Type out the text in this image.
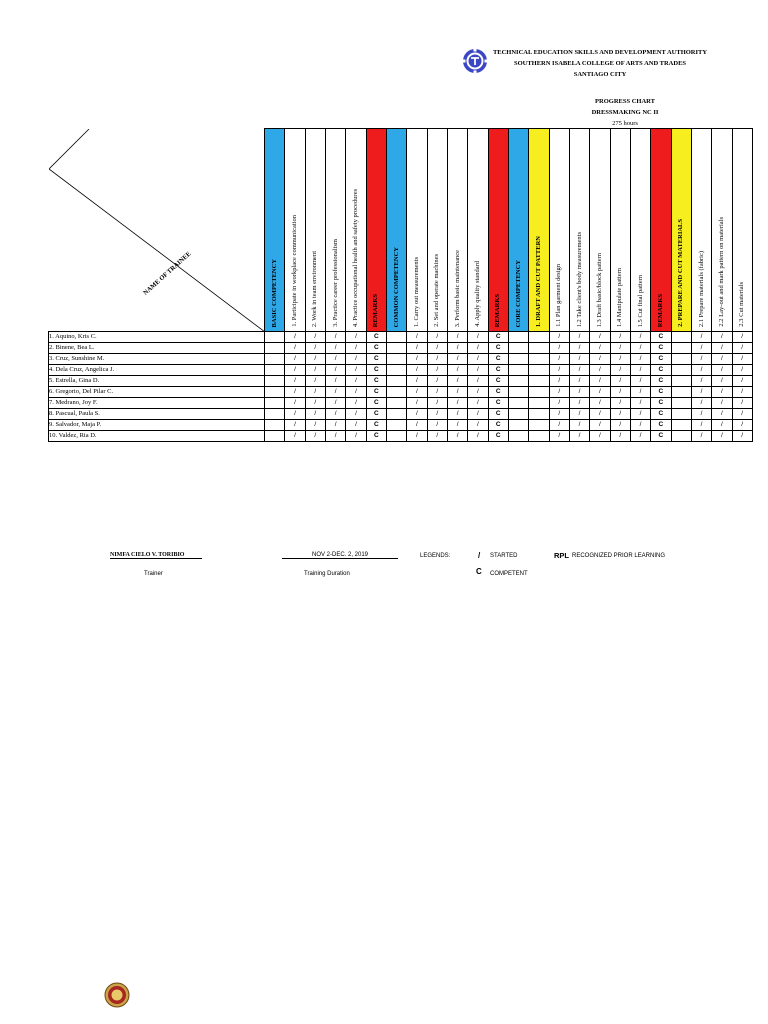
TECHNICAL EDUCATION SKILLS AND DEVELOPMENT AUTHORITY
SOUTHERN ISABELA COLLEGE OF ARTS AND TRADES
SANTIAGO CITY
PROGRESS CHART
DRESSMAKING NC II
275 hours
NAME OF TRAINEE	BASIC COMPETENCY	1. Participate in workplace communication	2. Work in team environment	3. Practice career professionalism	4. Practice occupational health and safety procedures	REMARKS	COMMON COMPETENCY	1. Carry out measurements	2. Set and operate machines	3. Perform basic maintenance	4. Apply quality standard	REMARKS	CORE COMPETENCY	1. DRAFT AND CUT PATTERN	1.1 Plan garment design	1.2 Take client's body measurements	1.3 Draft basic/block pattern	1.4 Manipulate pattern	1.5 Cut final pattern	REMARKS	2. PREPARE AND CUT MATERIALS	2.1 Prepare materials (fabric)	2.2 Lay-out and mark pattern on materials	2.3 Cut materials
1. Aquino, Kris C.		/	/	/	/	C		/	/	/	/	C			/	/	/	/	/	C		/	/	/
2. Binene, Bea L.		/	/	/	/	C		/	/	/	/	C			/	/	/	/	/	C		/	/	/
3. Cruz, Sunshine M.		/	/	/	/	C		/	/	/	/	C			/	/	/	/	/	C		/	/	/
4. Dela Cruz, Angelica J.		/	/	/	/	C		/	/	/	/	C			/	/	/	/	/	C		/	/	/
5. Estrella, Gina D.		/	/	/	/	C		/	/	/	/	C			/	/	/	/	/	C		/	/	/
6. Gregorio, Del Pilar C.		/	/	/	/	C		/	/	/	/	C			/	/	/	/	/	C		/	/	/
7. Medrano, Joy F.		/	/	/	/	C		/	/	/	/	C			/	/	/	/	/	C		/	/	/
8. Pascual, Paula S.		/	/	/	/	C		/	/	/	/	C			/	/	/	/	/	C		/	/	/
9. Salvador, Maja P.		/	/	/	/	C		/	/	/	/	C			/	/	/	/	/	C		/	/	/
10. Valdez, Ria D.		/	/	/	/	C		/	/	/	/	C			/	/	/	/	/	C		/	/	/
NIMFA CIELO V. TORIBIO
Trainer
NOV 2-DEC. 2, 2019
Training Duration
LEGENDS:	/ STARTED
C COMPETENT
RPL RECOGNIZED PRIOR LEARNING
